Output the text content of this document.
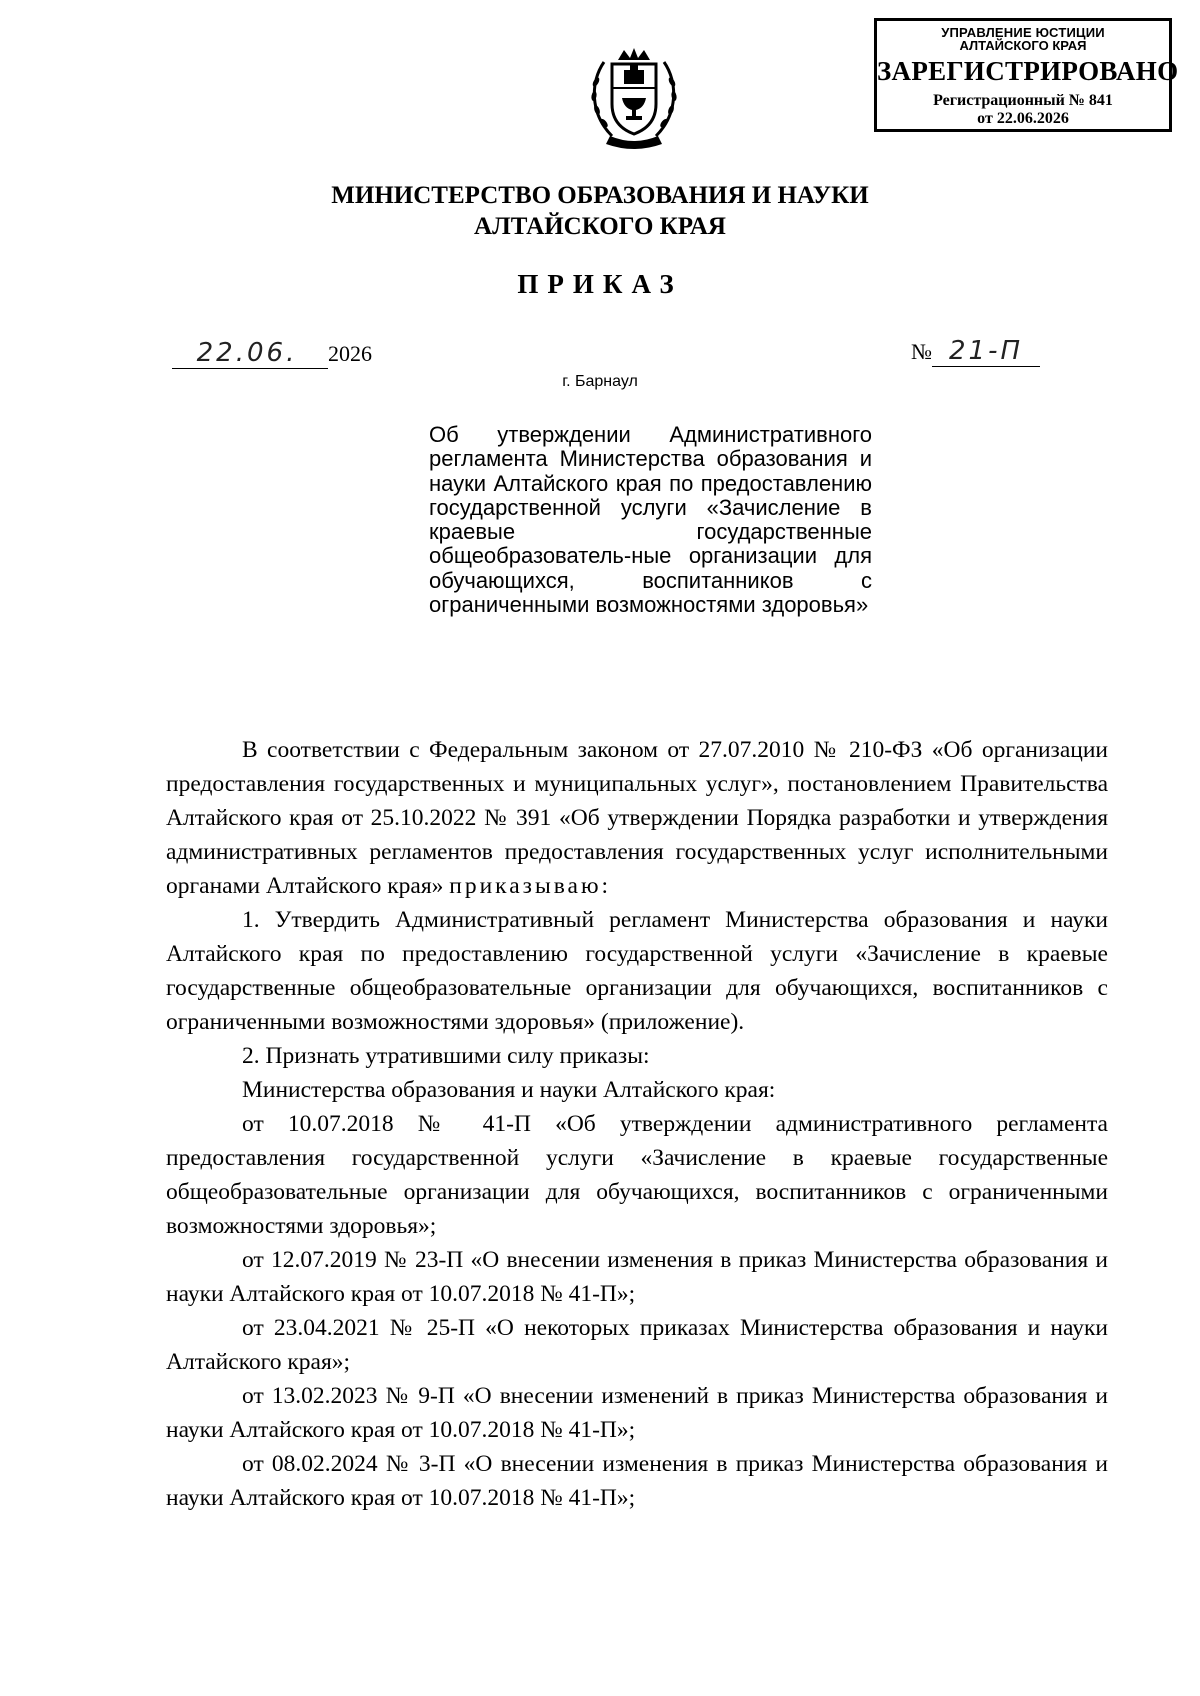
УПРАВЛЕНИЕ ЮСТИЦИИ
АЛТАЙСКОГО КРАЯ
ЗАРЕГИСТРИРОВАНО
Регистрационный № 841
от 22.06.2026
МИНИСТЕРСТВО ОБРАЗОВАНИЯ И НАУКИ
АЛТАЙСКОГО КРАЯ
ПРИКАЗ
22.06. 2026	№ 21-П
г. Барнаул
Об утверждении Административного регламента Министерства образования и науки Алтайского края по предоставлению государственной услуги «Зачисление в краевые государственные общеобразователь-ные организации для обучающихся, воспитанников с ограниченными возможностями здоровья»

В соответствии с Федеральным законом от 27.07.2010 № 210-ФЗ «Об организации предоставления государственных и муниципальных услуг», постановлением Правительства Алтайского края от 25.10.2022 № 391 «Об утверждении Порядка разработки и утверждения административных регламентов предоставления государственных услуг исполнительными органами Алтайского края» приказываю:

1. Утвердить Административный регламент Министерства образования и науки Алтайского края по предоставлению государственной услуги «Зачисление в краевые государственные общеобразовательные организации для обучающихся, воспитанников с ограниченными возможностями здоровья» (приложение).

2. Признать утратившими силу приказы:

Министерства образования и науки Алтайского края:

от 10.07.2018 № 41-П «Об утверждении административного регламента предоставления государственной услуги «Зачисление в краевые государственные общеобразовательные организации для обучающихся, воспитанников с ограниченными возможностями здоровья»;

от 12.07.2019 № 23-П «О внесении изменения в приказ Министерства образования и науки Алтайского края от 10.07.2018 № 41-П»;

от 23.04.2021 № 25-П «О некоторых приказах Министерства образования и науки Алтайского края»;

от 13.02.2023 № 9-П «О внесении изменений в приказ Министерства образования и науки Алтайского края от 10.07.2018 № 41-П»;

от 08.02.2024 № 3-П «О внесении изменения в приказ Министерства образования и науки Алтайского края от 10.07.2018 № 41-П»;
